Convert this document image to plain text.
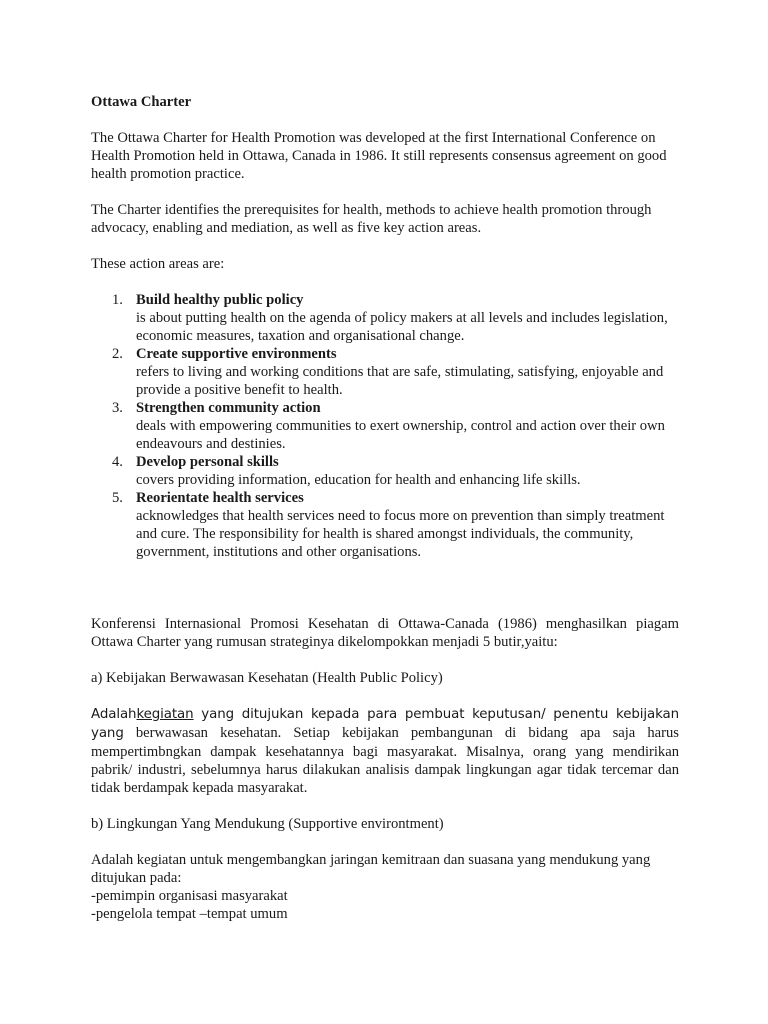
Ottawa Charter

The Ottawa Charter for Health Promotion was developed at the first International Conference on Health Promotion held in Ottawa, Canada in 1986. It still represents consensus agreement on good health promotion practice.

The Charter identifies the prerequisites for health, methods to achieve health promotion through advocacy, enabling and mediation, as well as five key action areas.

These action areas are:

1. Build healthy public policy
is about putting health on the agenda of policy makers at all levels and includes legislation, economic measures, taxation and organisational change.
2. Create supportive environments
refers to living and working conditions that are safe, stimulating, satisfying, enjoyable and provide a positive benefit to health.
3. Strengthen community action
deals with empowering communities to exert ownership, control and action over their own endeavours and destinies.
4. Develop personal skills
covers providing information, education for health and enhancing life skills.
5. Reorientate health services
acknowledges that health services need to focus more on prevention than simply treatment and cure. The responsibility for health is shared amongst individuals, the community, government, institutions and other organisations.

Konferensi Internasional Promosi Kesehatan di Ottawa-Canada (1986) menghasilkan piagam Ottawa Charter yang rumusan strateginya dikelompokkan menjadi 5 butir,yaitu:

a) Kebijakan Berwawasan Kesehatan (Health Public Policy)

Adalahkegiatan yang ditujukan kepada para pembuat keputusan/ penentu kebijakan yang berwawasan kesehatan. Setiap kebijakan pembangunan di bidang apa saja harus mempertimbngkan dampak kesehatannya bagi masyarakat. Misalnya, orang yang mendirikan pabrik/ industri, sebelumnya harus dilakukan analisis dampak lingkungan agar tidak tercemar dan tidak berdampak kepada masyarakat.

b) Lingkungan Yang Mendukung (Supportive environtment)

Adalah kegiatan untuk mengembangkan jaringan kemitraan dan suasana yang mendukung yang ditujukan pada:
-pemimpin organisasi masyarakat
-pengelola tempat –tempat umum
